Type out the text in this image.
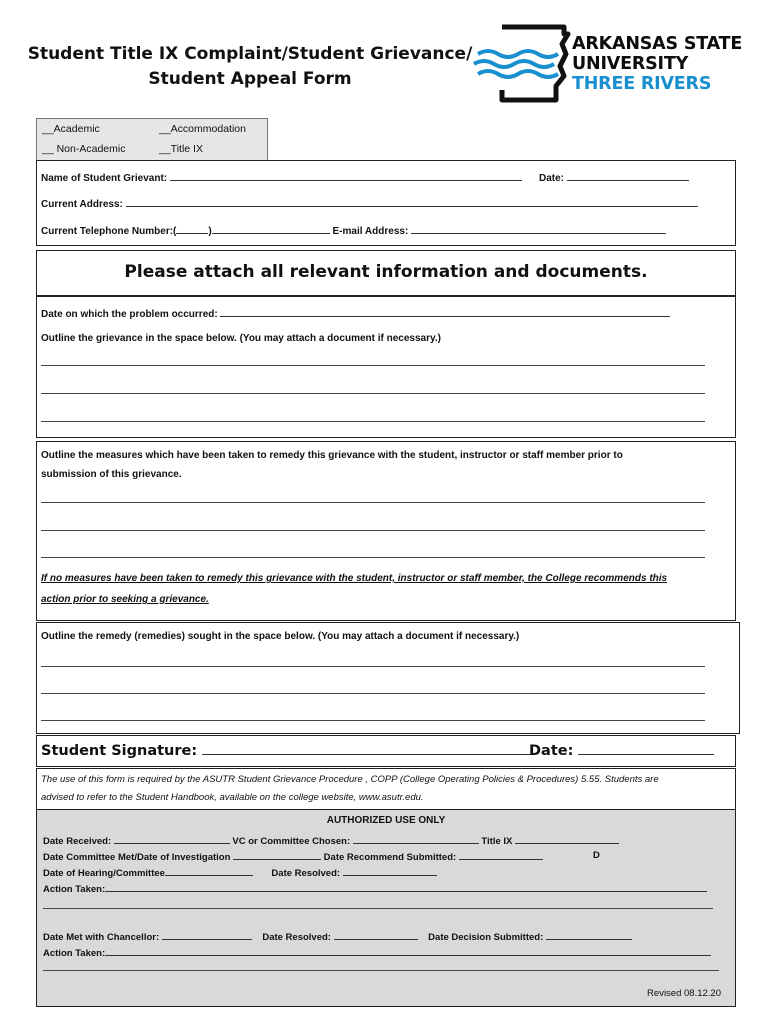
Student Title IX Complaint/Student Grievance/
Student Appeal Form
ARKANSAS STATE
UNIVERSITY
THREE RIVERS
__Academic	__Accommodation
__ Non-Academic	__Title IX
Name of Student Grievant:	Date:
Current Address:
Current Telephone Number:(	)	E-mail Address:
Please attach all relevant information and documents.
Date on which the problem occurred:
Outline the grievance in the space below. (You may attach a document if necessary.)
Outline the measures which have been taken to remedy this grievance with the student, instructor or staff member prior to
submission of this grievance.
If no measures have been taken to remedy this grievance with the student, instructor or staff member, the College recommends this
action prior to seeking a grievance.
Outline the remedy (remedies) sought in the space below. (You may attach a document if necessary.)
Student Signature:	Date:
The use of this form is required by the ASUTR Student Grievance Procedure , COPP (College Operating Policies & Procedures) 5.55. Students are
advised to refer to the Student Handbook, available on the college website, www.asutr.edu.
AUTHORIZED USE ONLY
Date Received:	VC or Committee Chosen:	Title IX
Date Committee Met/Date of Investigation	Date Recommend Submitted:	D
Date of Hearing/Committee	Date Resolved:
Action Taken:
Date Met with Chancellor:	Date Resolved:	Date Decision Submitted:
Action Taken:
Revised 08.12.20
